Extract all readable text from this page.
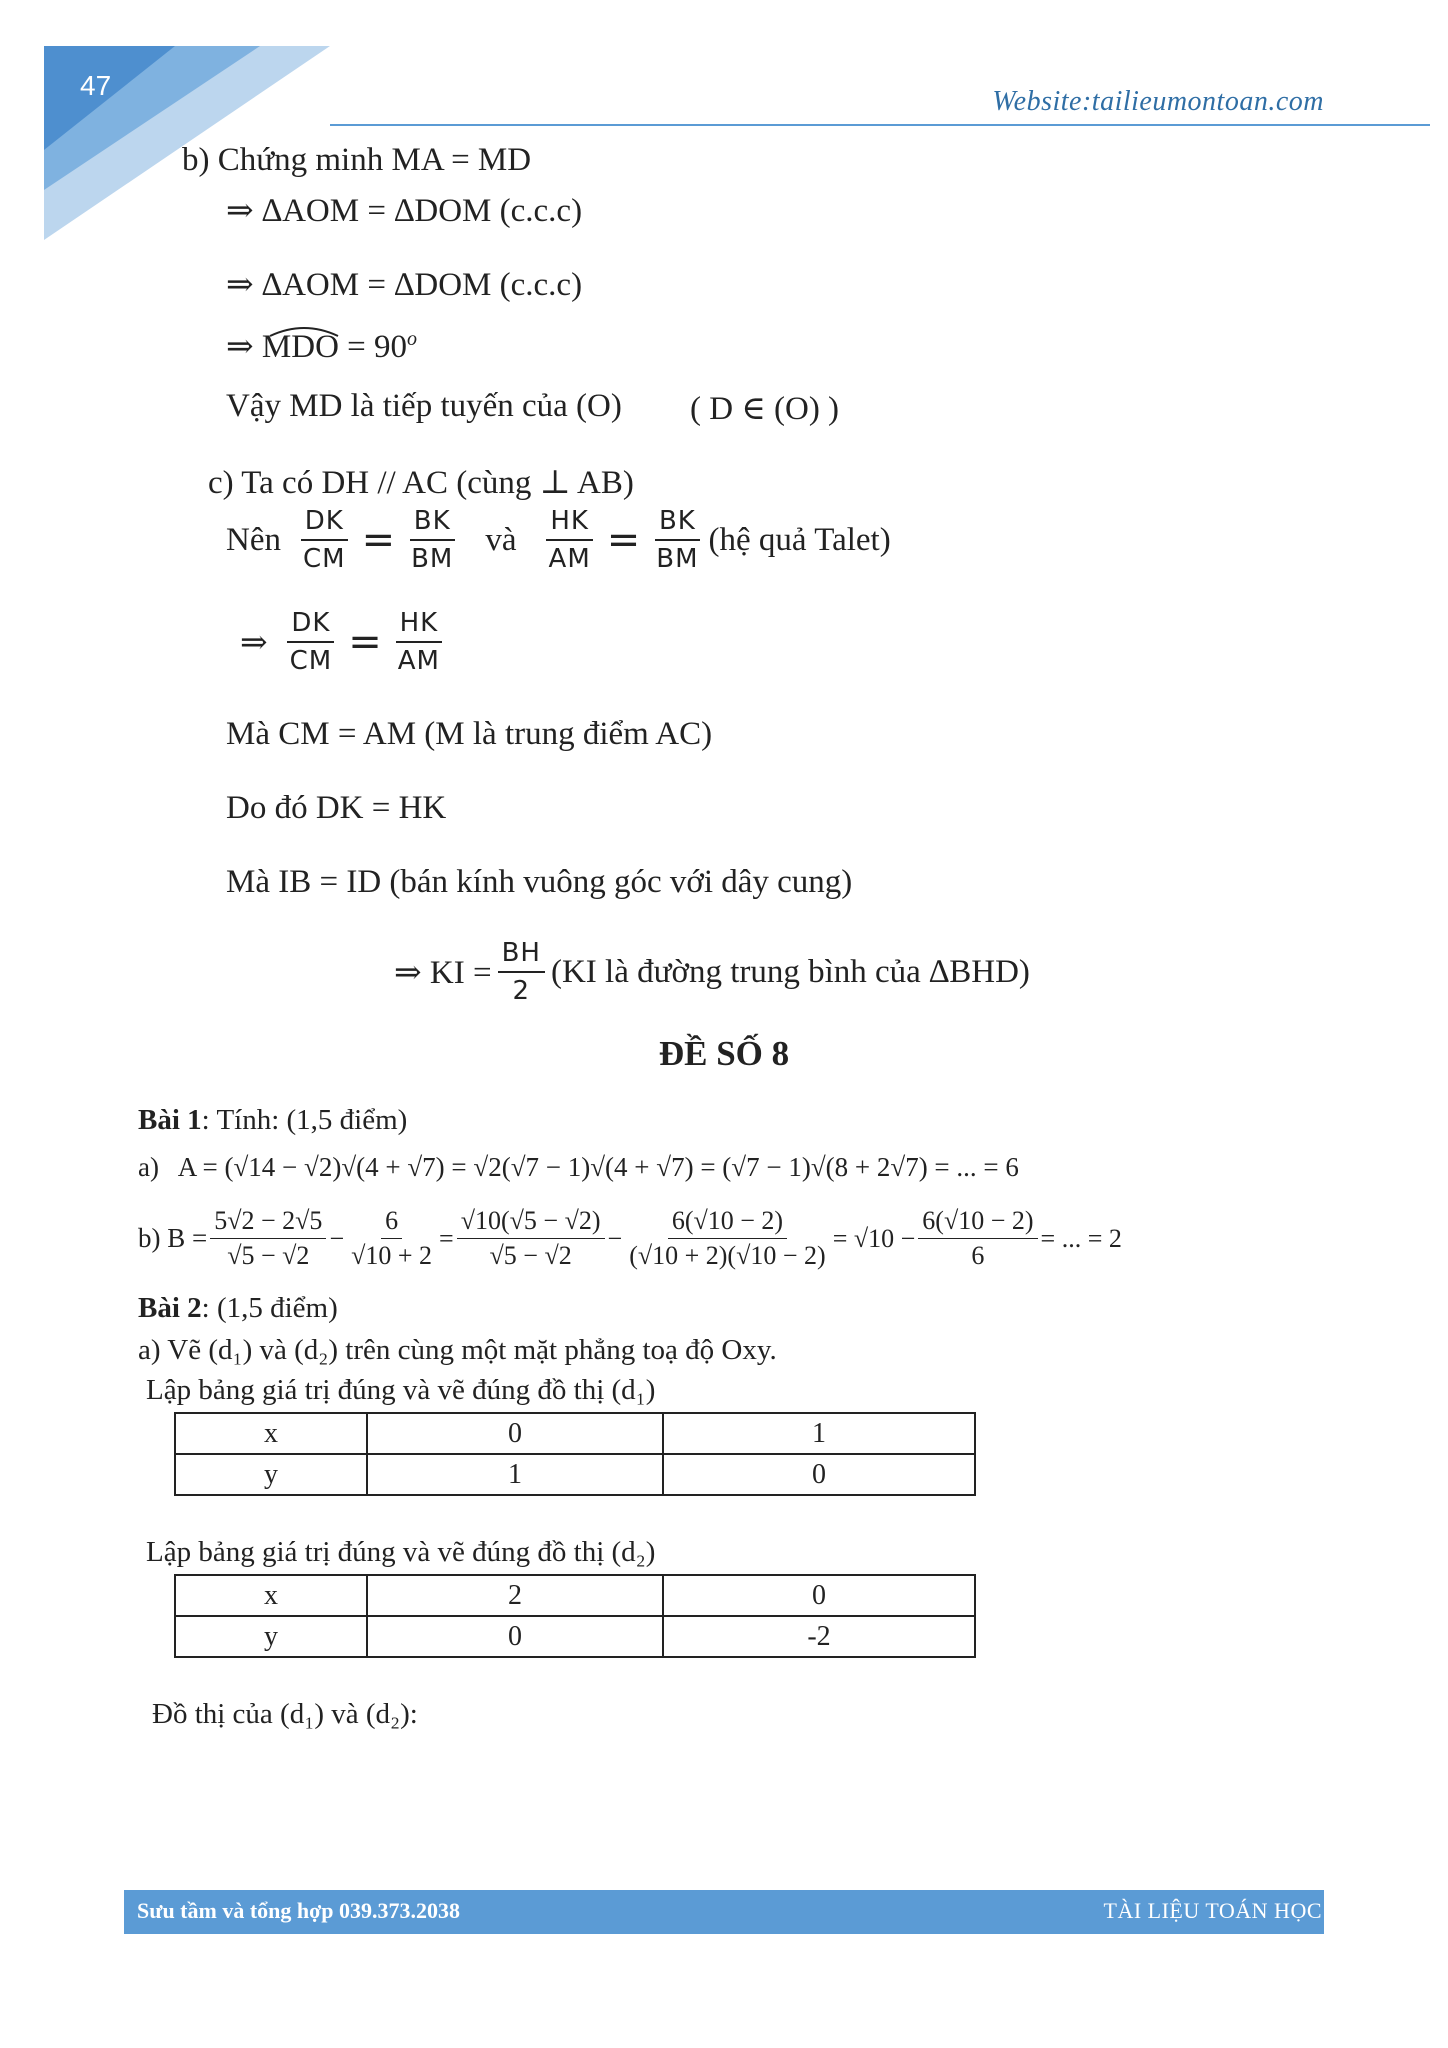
47
Website:tailieumontoan.com
b) Chứng minh MA = MD
⇒ ∆AOM = ∆DOM (c.c.c)
⇒ ∆AOM = ∆DOM (c.c.c)
⇒ MDO = $90^o$
Vậy MD là tiếp tuyến của (O) ( D ∈ (O) )
c) Ta có DH // AC (cùng ⊥ AB)
Nên $\frac{DK}{CM} = \frac{BK}{BM}$ và $\frac{HK}{AM} = \frac{BK}{BM}$ (hệ quả Talet)
⇒ $\frac{DK}{CM} = \frac{HK}{AM}$
Mà CM = AM (M là trung điểm AC)
Do đó DK = HK
Mà IB = ID (bán kính vuông góc với dây cung)
⇒ KI = $\frac{BH}{2} (KI$ là đường trung bình của ∆BHD)
ĐỀ SỐ 8
Bài 1: Tính: (1,5 điểm)
a) A = (√14 − √2)√(4 + √7) = √2(√7 − 1)√(4 + √7) = (√7 − 1)√(8 + 2√7) = ... = 6
b) $B = \frac{5√2 - 2√5}{√5 - √2} - \frac{6}{√10 + 2} = \frac{√10(√5 - √2)}{√5 - √2} - \frac{6(√10 - 2)}{(√10 + 2)(√10 - 2)} = √10 - \frac{6(√10 - 2)}{6}$ = ... = 2
Bài 2: (1,5 điểm)
a) Vẽ (d₁) và (d₂) trên cùng một mặt phẳng toạ độ Oxy.
Lập bảng giá trị đúng và vẽ đúng đồ thị (d₁)
x	0	1
y	1	0
Lập bảng giá trị đúng và vẽ đúng đồ thị (d₂)
x	2	0
y	0	-2
Đồ thị của (d₁) và (d₂):
Sưu tầm và tổng hợp 039.373.2038	TÀI LIỆU TOÁN HỌC
